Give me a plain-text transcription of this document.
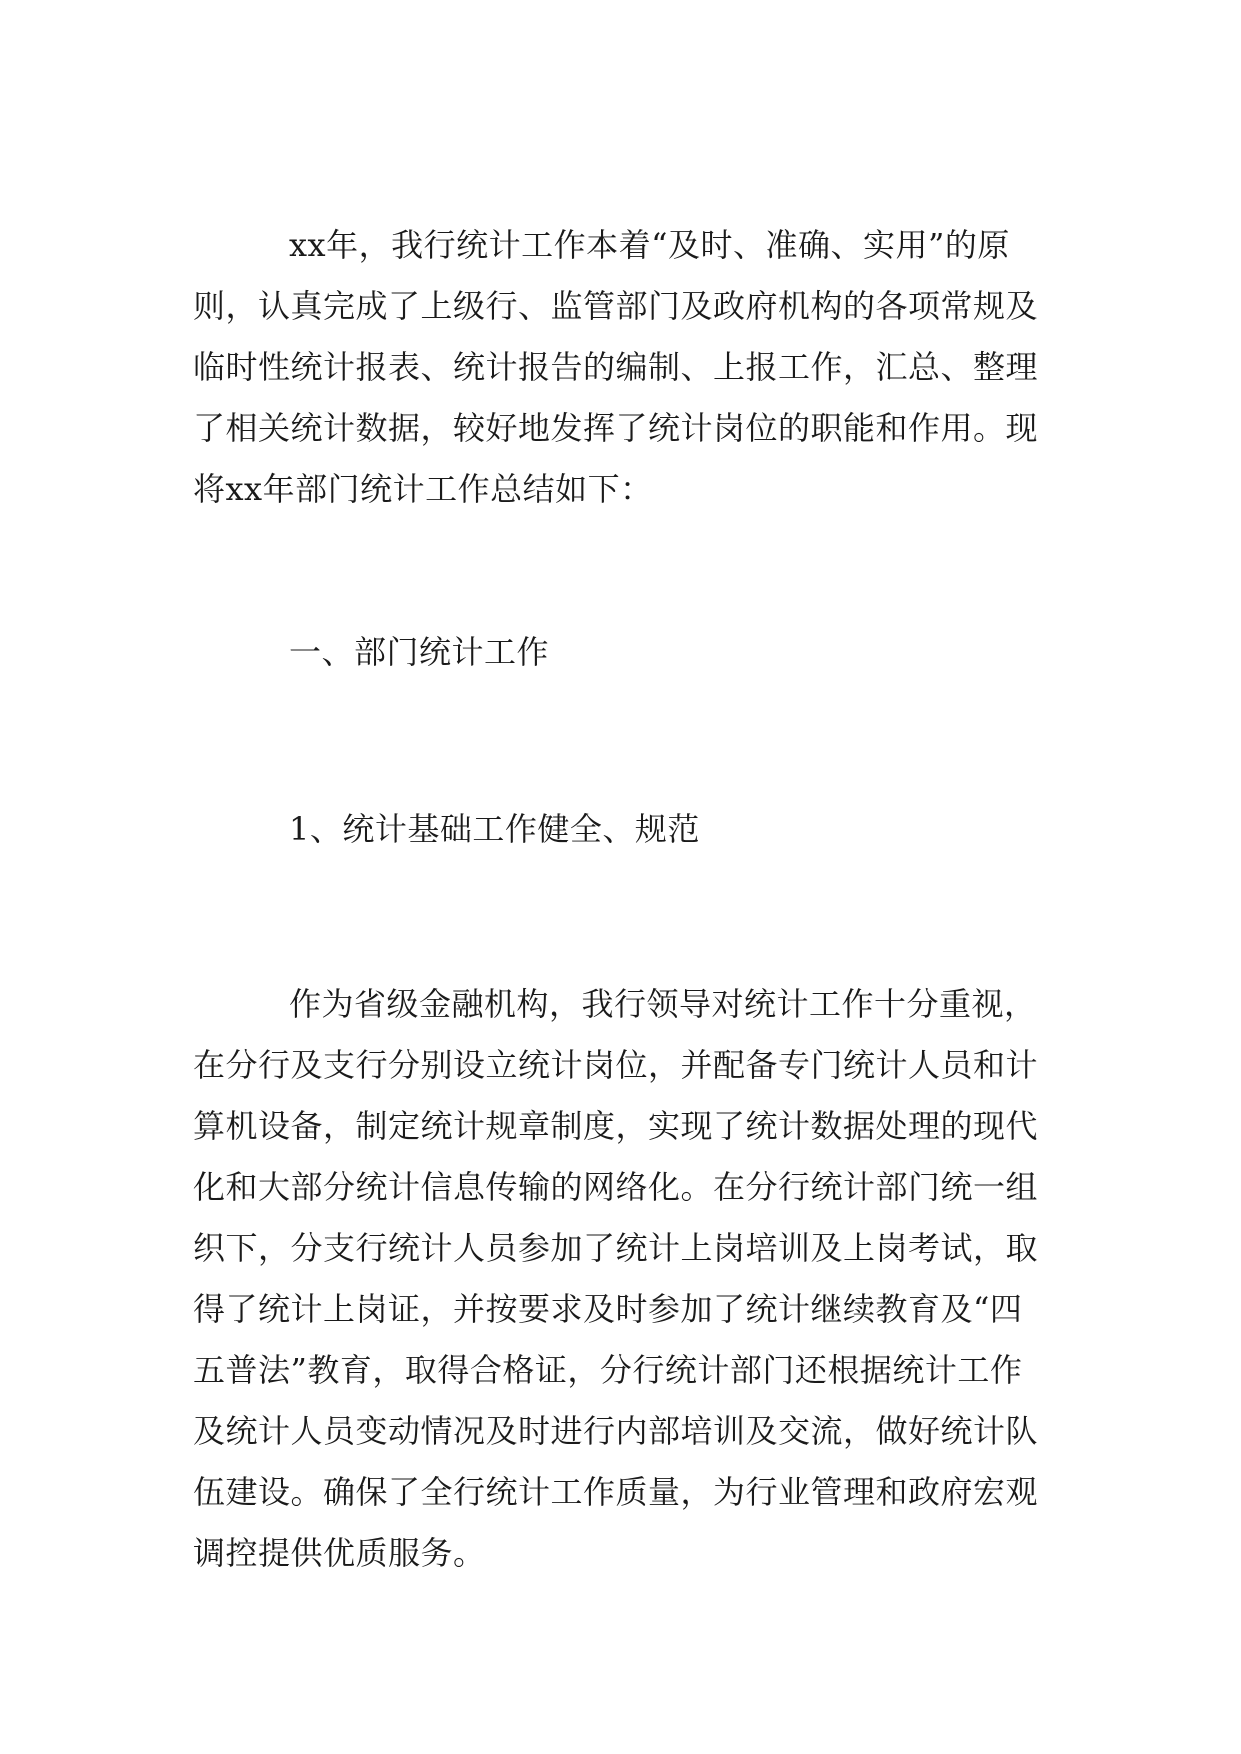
xx年，我行统计工作本着“及时、准确、实用”的原
则，认真完成了上级行、监管部门及政府机构的各项常规及
临时性统计报表、统计报告的编制、上报工作，汇总、整理
了相关统计数据，较好地发挥了统计岗位的职能和作用。现
将xx年部门统计工作总结如下：
一、部门统计工作
1、统计基础工作健全、规范
作为省级金融机构，我行领导对统计工作十分重视，
在分行及支行分别设立统计岗位，并配备专门统计人员和计
算机设备，制定统计规章制度，实现了统计数据处理的现代
化和大部分统计信息传输的网络化。在分行统计部门统一组
织下，分支行统计人员参加了统计上岗培训及上岗考试，取
得了统计上岗证，并按要求及时参加了统计继续教育及“四
五普法”教育，取得合格证，分行统计部门还根据统计工作
及统计人员变动情况及时进行内部培训及交流，做好统计队
伍建设。确保了全行统计工作质量，为行业管理和政府宏观
调控提供优质服务。
